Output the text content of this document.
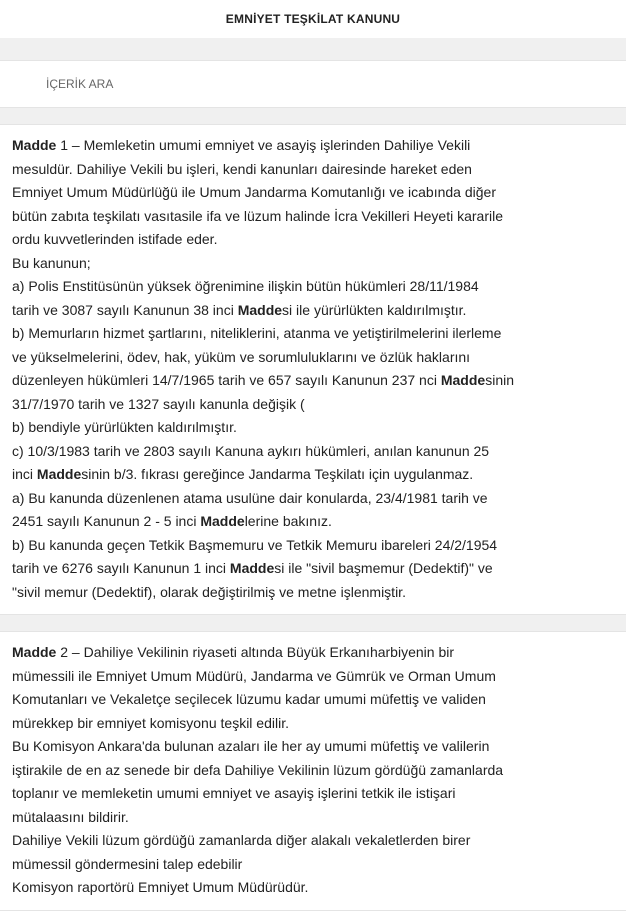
EMNİYET TEŞKİLAT KANUNU
İÇERİK ARA
Madde 1 – Memleketin umumi emniyet ve asayiş işlerinden Dahiliye Vekili
mesuldür. Dahiliye Vekili bu işleri, kendi kanunları dairesinde hareket eden
Emniyet Umum Müdürlüğü ile Umum Jandarma Komutanlığı ve icabında diğer
bütün zabıta teşkilatı vasıtasile ifa ve lüzum halinde İcra Vekilleri Heyeti kararile
ordu kuvvetlerinden istifade eder.
Bu kanunun;
a) Polis Enstitüsünün yüksek öğrenimine ilişkin bütün hükümleri 28/11/1984
tarih ve 3087 sayılı Kanunun 38 inci Maddesi ile yürürlükten kaldırılmıştır.
b) Memurların hizmet şartlarını, niteliklerini, atanma ve yetiştirilmelerini ilerleme
ve yükselmelerini, ödev, hak, yüküm ve sorumluluklarını ve özlük haklarını
düzenleyen hükümleri 14/7/1965 tarih ve 657 sayılı Kanunun 237 nci Maddesinin
31/7/1970 tarih ve 1327 sayılı kanunla değişik (
b) bendiyle yürürlükten kaldırılmıştır.
c) 10/3/1983 tarih ve 2803 sayılı Kanuna aykırı hükümleri, anılan kanunun 25
inci Maddesinin b/3. fıkrası gereğince Jandarma Teşkilatı için uygulanmaz.
a) Bu kanunda düzenlenen atama usulüne dair konularda, 23/4/1981 tarih ve
2451 sayılı Kanunun 2 - 5 inci Maddelerine bakınız.
b) Bu kanunda geçen Tetkik Başmemuru ve Tetkik Memuru ibareleri 24/2/1954
tarih ve 6276 sayılı Kanunun 1 inci Maddesi ile "sivil başmemur (Dedektif)" ve
"sivil memur (Dedektif), olarak değiştirilmiş ve metne işlenmiştir.
Madde 2 – Dahiliye Vekilinin riyaseti altında Büyük Erkanıharbiyenin bir
mümessili ile Emniyet Umum Müdürü, Jandarma ve Gümrük ve Orman Umum
Komutanları ve Vekaletçe seçilecek lüzumu kadar umumi müfettiş ve validen
mürekkep bir emniyet komisyonu teşkil edilir.
Bu Komisyon Ankara'da bulunan azaları ile her ay umumi müfettiş ve valilerin
iştirakile de en az senede bir defa Dahiliye Vekilinin lüzum gördüğü zamanlarda
toplanır ve memleketin umumi emniyet ve asayiş işlerini tetkik ile istişari
mütalaasını bildirir.
Dahiliye Vekili lüzum gördüğü zamanlarda diğer alakalı vekaletlerden birer
mümessil göndermesini talep edebilir
Komisyon raportörü Emniyet Umum Müdürüdür.
